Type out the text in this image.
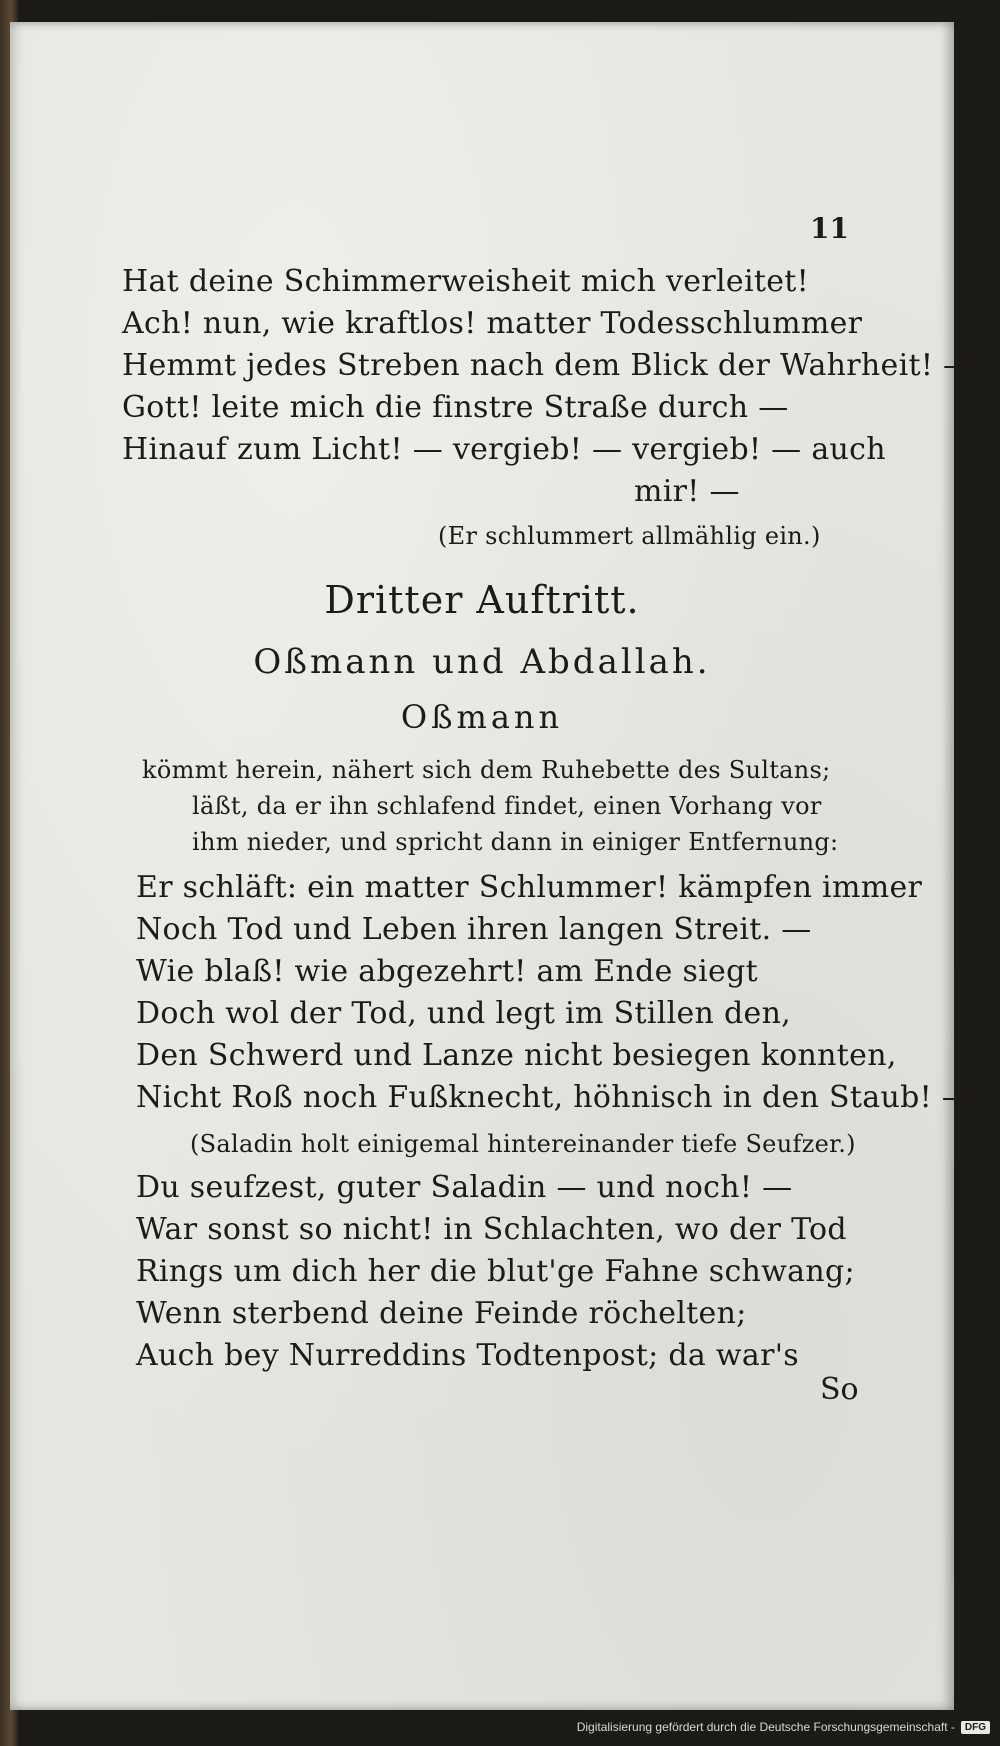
11
Hat deine Schimmerweisheit mich verleitet!
Ach! nun, wie kraftlos! matter Todesschlummer
Hemmt jedes Streben nach dem Blick der Wahrheit! —
Gott! leite mich die finstre Straße durch —
Hinauf zum Licht! — vergieb! — vergieb! — auch
mir! —
(Er schlummert allmählig ein.)
Dritter Auftritt.
Oßmann und Abdallah.
Oßmann
kömmt herein, nähert sich dem Ruhebette des Sultans;
läßt, da er ihn schlafend findet, einen Vorhang vor
ihm nieder, und spricht dann in einiger Entfernung:
Er schläft: ein matter Schlummer! kämpfen immer
Noch Tod und Leben ihren langen Streit. —
Wie blaß! wie abgezehrt! am Ende siegt
Doch wol der Tod, und legt im Stillen den,
Den Schwerd und Lanze nicht besiegen konnten,
Nicht Roß noch Fußknecht, höhnisch in den Staub! —
(Saladin holt einigemal hintereinander tiefe Seufzer.)
Du seufzest, guter Saladin — und noch! —
War sonst so nicht! in Schlachten, wo der Tod
Rings um dich her die blut'ge Fahne schwang;
Wenn sterbend deine Feinde röchelten;
Auch bey Nurreddins Todtenpost; da war's
So
Digitalisierung gefördert durch die Deutsche Forschungsgemeinschaft -	DFG
